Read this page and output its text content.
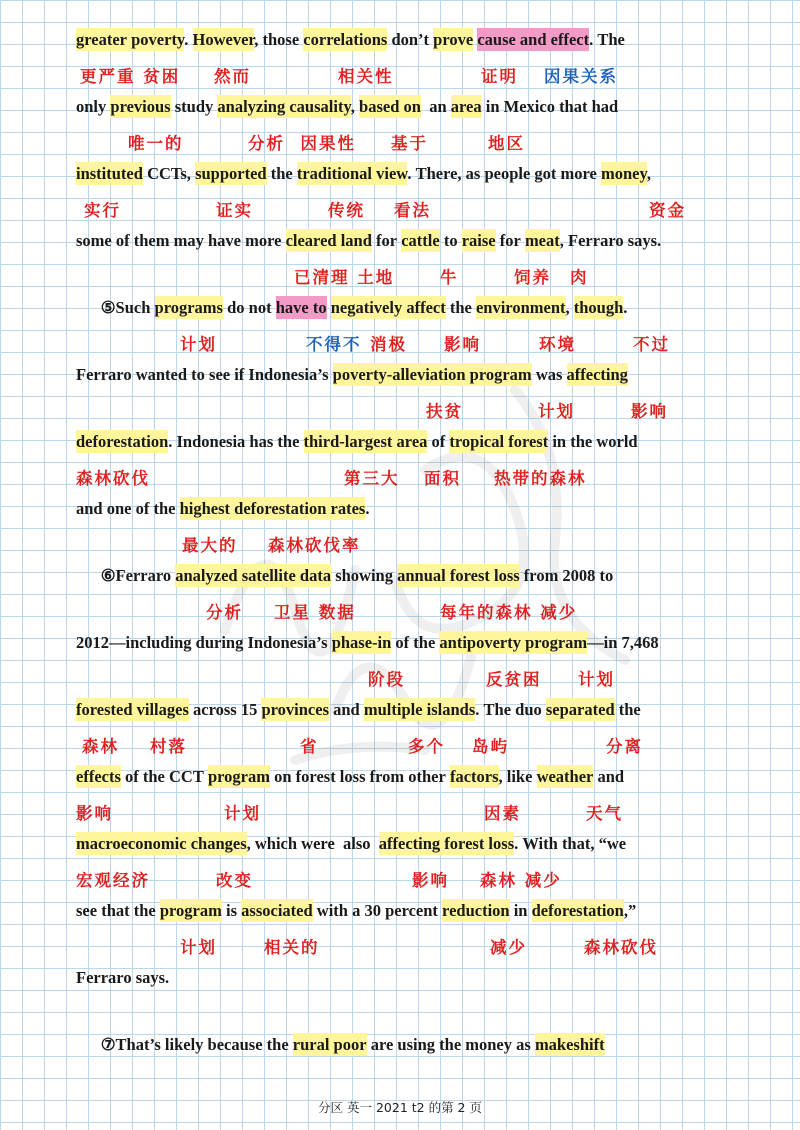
greater poverty. However, those correlations don’t prove cause and effect. The
only previous study analyzing causality, based on  an area in Mexico that had
instituted CCTs, supported the traditional view. There, as people got more money,
some of them may have more cleared land for cattle to raise for meat, Ferraro says.
⑤Such programs do not have to negatively affect the environment, though.
Ferraro wanted to see if Indonesia’s poverty-alleviation program was affecting
deforestation. Indonesia has the third-largest area of tropical forest in the world
and one of the highest deforestation rates.
⑥Ferraro analyzed satellite data showing annual forest loss from 2008 to
2012—including during Indonesia’s phase-in of the antipoverty program—in 7,468
forested villages across 15 provinces and multiple islands. The duo separated the
effects of the CCT program on forest loss from other factors, like weather and
macroeconomic changes, which were  also  affecting forest loss. With that, “we
see that the program is associated with a 30 percent reduction in deforestation,”
Ferraro says.
⑦That’s likely because the rural poor are using the money as makeshift
更严重 贫困 然而	相关性	证明 因果关系
唯一的	分析  因果性 基于	地区
实行	证实	传统 看法	资金
已清理 土地	牛	饲养 肉
计划	不得不 消极 影响	环境	不过
扶贫	计划	影响
森林砍伐	第三大 面积 热带的森林
最大的 森林砍伐率
分析 卫星 数据	每年的森林 减少
阶段	反贫困 计划
森林 村落	省	多个 岛屿	分离
影响	计划	因素	天气
宏观经济	改变	影响 森林 减少
计划	相关的	减少	森林砍伐
分区 英一 2021 t2 的第 2 页
